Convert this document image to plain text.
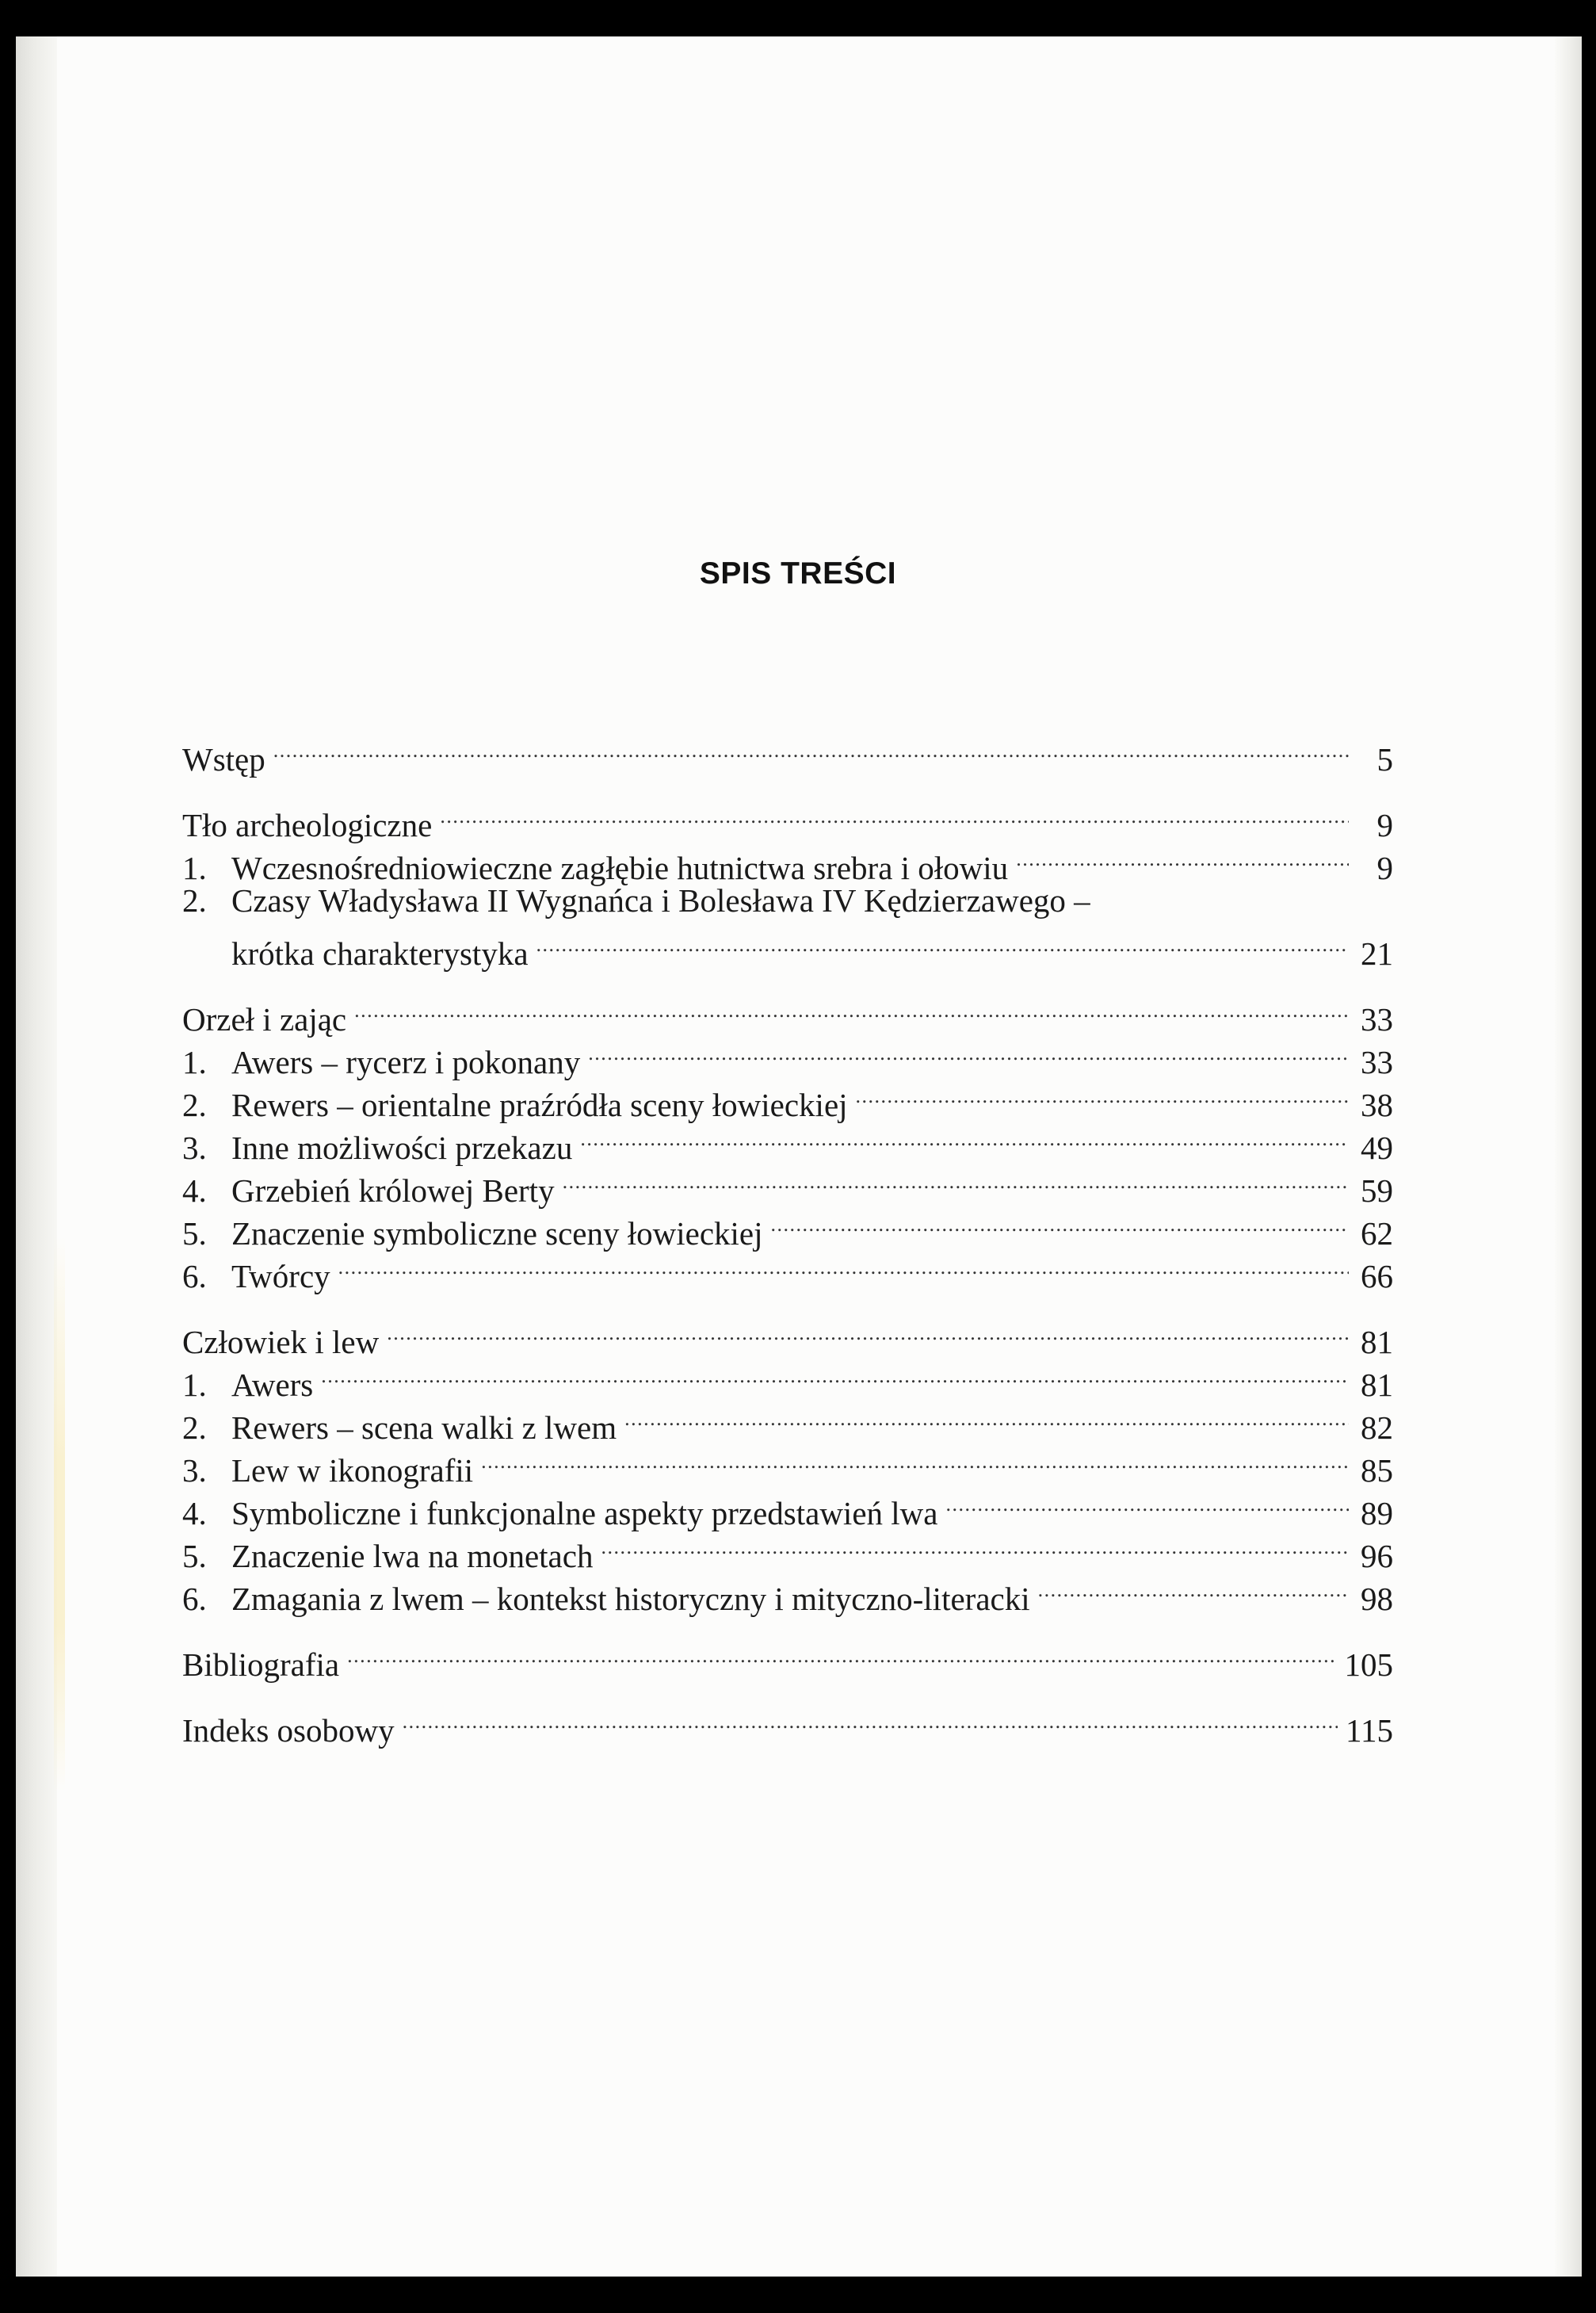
SPIS TREŚCI
Wstęp .....	5
Tło archeologiczne .....	9
1. Wczesnośredniowieczne zagłębie hutnictwa srebra i ołowiu .....	9
2. Czasy Władysława II Wygnańca i Bolesława IV Kędzierzawego –
krótka charakterystyka .....	21
Orzeł i zając .....	33
1. Awers – rycerz i pokonany .....	33
2. Rewers – orientalne praźródła sceny łowieckiej .....	38
3. Inne możliwości przekazu .....	49
4. Grzebień królowej Berty .....	59
5. Znaczenie symboliczne sceny łowieckiej .....	62
6. Twórcy .....	66
Człowiek i lew .....	81
1. Awers .....	81
2. Rewers – scena walki z lwem .....	82
3. Lew w ikonografii .....	85
4. Symboliczne i funkcjonalne aspekty przedstawień lwa .....	89
5. Znaczenie lwa na monetach .....	96
6. Zmagania z lwem – kontekst historyczny i mityczno-literacki .....	98
Bibliografia .....	105
Indeks osobowy .....	115
